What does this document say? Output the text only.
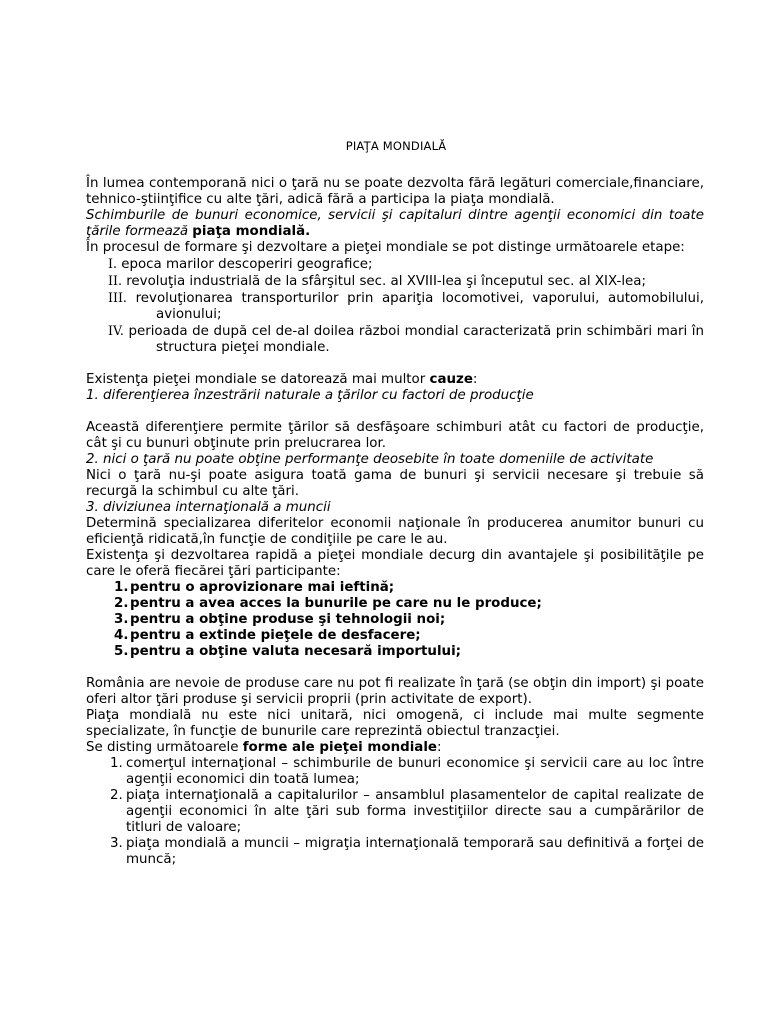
PIAŢA MONDIALĂ

În lumea contemporană nici o ţară nu se poate dezvolta fără legături comerciale,financiare, tehnico-ştiinţifice cu alte ţări, adică fără a participa la piaţa mondială.

Schimburile de bunuri economice, servicii şi capitaluri dintre agenţii economici din toate ţările formează piaţa mondială.

În procesul de formare şi dezvoltare a pieţei mondiale se pot distinge următoarele etape:

I. epoca marilor descoperiri geografice;
II. revoluţia industrială de la sfârşitul sec. al XVIII-lea şi începutul sec. al XIX-lea;
III. revoluţionarea transporturilor prin apariţia locomotivei, vaporului, automobilului, avionului;
IV. perioada de după cel de-al doilea război mondial caracterizată prin schimbări mari în structura pieţei mondiale.

Existenţa pieţei mondiale se datorează mai multor cauze:

1. diferenţierea înzestrării naturale a ţărilor cu factori de producţie

Această diferenţiere permite ţărilor să desfăşoare schimburi atât cu factori de producţie, cât şi cu bunuri obţinute prin prelucrarea lor.

2. nici o ţară nu poate obţine performanţe deosebite în toate domeniile de activitate

Nici o ţară nu-şi poate asigura toată gama de bunuri şi servicii necesare şi trebuie să recurgă la schimbul cu alte ţări.

3. diviziunea internaţională a muncii

Determină specializarea diferitelor economii naţionale în producerea anumitor bunuri cu eficienţă ridicată,în funcţie de condiţiile pe care le au.

Existenţa şi dezvoltarea rapidă a pieţei mondiale decurg din avantajele şi posibilităţile pe care le oferă fiecărei ţări participante:

1. pentru o aprovizionare mai ieftină;
2. pentru a avea acces la bunurile pe care nu le produce;
3. pentru a obţine produse şi tehnologii noi;
4. pentru a extinde pieţele de desfacere;
5. pentru a obţine valuta necesară importului;

România are nevoie de produse care nu pot fi realizate în ţară (se obţin din import) şi poate oferi altor ţări produse şi servicii proprii (prin activitate de export).

Piaţa mondială nu este nici unitară, nici omogenă, ci include mai multe segmente specializate, în funcţie de bunurile care reprezintă obiectul tranzacţiei.

Se disting următoarele forme ale pieţei mondiale:

1. comerţul internaţional – schimburile de bunuri economice şi servicii care au loc între agenţii economici din toată lumea;
2. piaţa internaţională a capitalurilor – ansamblul plasamentelor de capital realizate de agenţii economici în alte ţări sub forma investiţiilor directe sau a cumpărărilor de titluri de valoare;
3. piaţa mondială a muncii – migraţia internaţională temporară sau definitivă a forţei de muncă;
